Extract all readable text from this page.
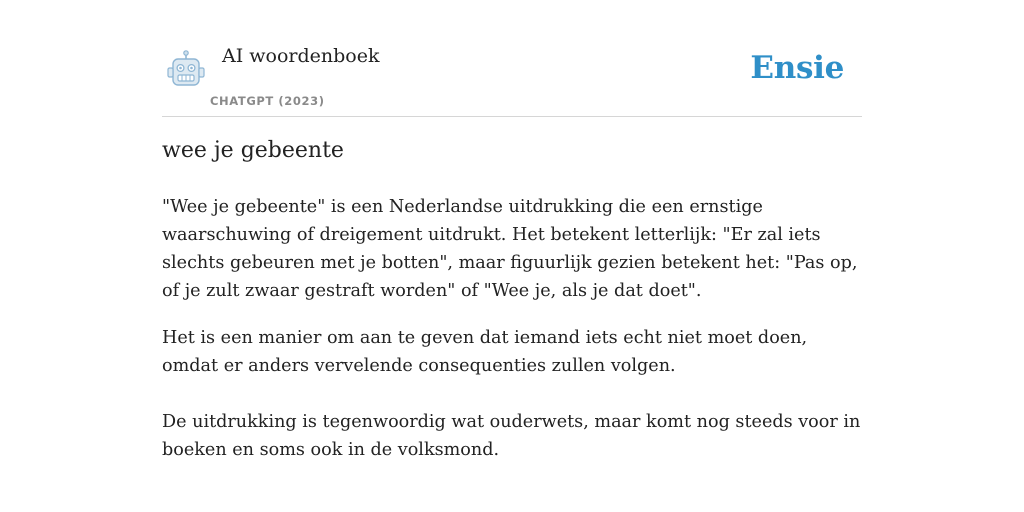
AI woordenboek
CHATGPT (2023)
Ensie
wee je gebeente

"Wee je gebeente" is een Nederlandse uitdrukking die een ernstige waarschuwing of dreigement uitdrukt. Het betekent letterlijk: "Er zal iets slechts gebeuren met je botten", maar figuurlijk gezien betekent het: "Pas op, of je zult zwaar gestraft worden" of "Wee je, als je dat doet".

Het is een manier om aan te geven dat iemand iets echt niet moet doen, omdat er anders vervelende consequenties zullen volgen.

De uitdrukking is tegenwoordig wat ouderwets, maar komt nog steeds voor in boeken en soms ook in de volksmond.
